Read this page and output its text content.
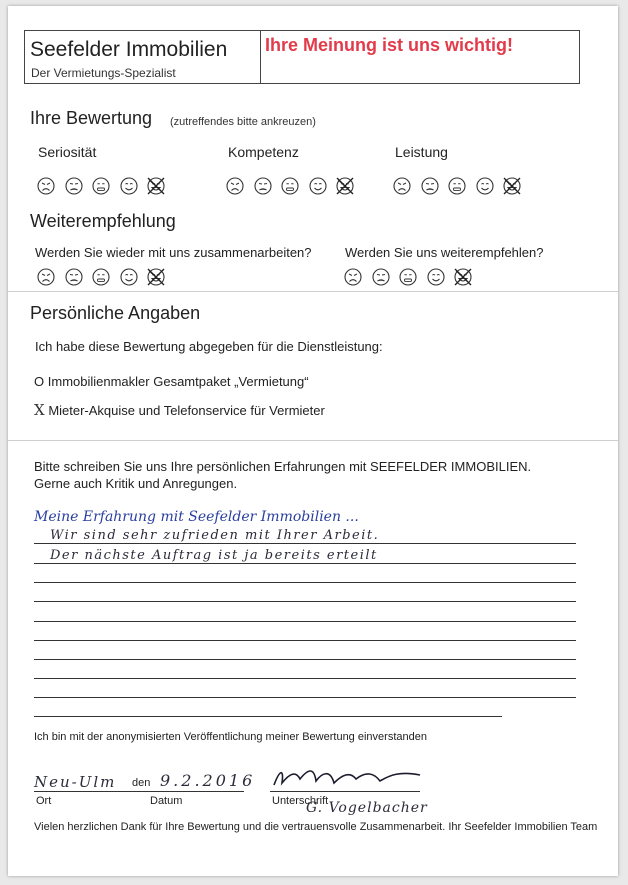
Seefelder Immobilien
Der Vermietungs-Spezialist
Ihre Meinung ist uns wichtig!
Ihre Bewertung (zutreffendes bitte ankreuzen)
Seriosität	Kompetenz	Leistung
Weiterempfehlung
Werden Sie wieder mit uns zusammenarbeiten?	Werden Sie uns weiterempfehlen?
Persönliche Angaben
Ich habe diese Bewertung abgegeben für die Dienstleistung:
O Immobilienmakler Gesamtpaket „Vermietung“
X Mieter-Akquise und Telefonservice für Vermieter
Bitte schreiben Sie uns Ihre persönlichen Erfahrungen mit SEEFELDER IMMOBILIEN.
Gerne auch Kritik und Anregungen.
Meine Erfahrung mit Seefelder Immobilien ...
Wir sind sehr zufrieden mit Ihrer Arbeit.
Der nächste Auftrag ist ja bereits erteilt
Ich bin mit der anonymisierten Veröffentlichung meiner Bewertung einverstanden
Neu-Ulm den 9.2.2016
Ort	Datum	Unterschrift
G. Vogelbacher
Vielen herzlichen Dank für Ihre Bewertung und die vertrauensvolle Zusammenarbeit. Ihr Seefelder Immobilien Team
